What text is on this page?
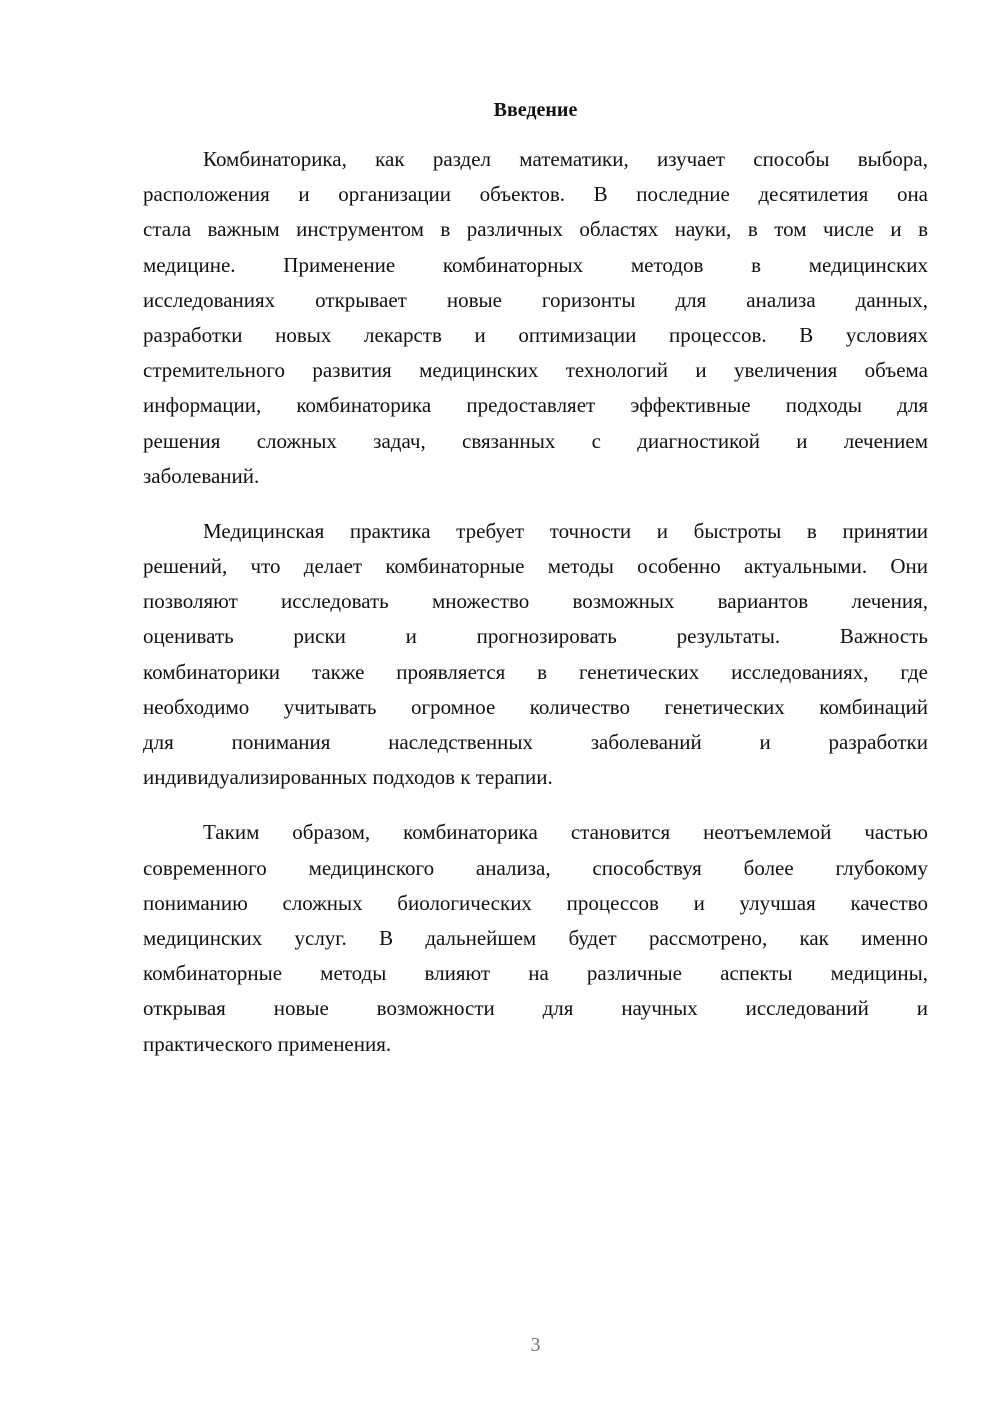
Введение
Комбинаторика, как раздел математики, изучает способы выбора,
расположения и организации объектов. В последние десятилетия она
стала важным инструментом в различных областях науки, в том числе и в
медицине. Применение комбинаторных методов в медицинских
исследованиях открывает новые горизонты для анализа данных,
разработки новых лекарств и оптимизации процессов. В условиях
стремительного развития медицинских технологий и увеличения объема
информации, комбинаторика предоставляет эффективные подходы для
решения сложных задач, связанных с диагностикой и лечением
заболеваний.
Медицинская практика требует точности и быстроты в принятии
решений, что делает комбинаторные методы особенно актуальными. Они
позволяют исследовать множество возможных вариантов лечения,
оценивать риски и прогнозировать результаты. Важность
комбинаторики также проявляется в генетических исследованиях, где
необходимо учитывать огромное количество генетических комбинаций
для понимания наследственных заболеваний и разработки
индивидуализированных подходов к терапии.
Таким образом, комбинаторика становится неотъемлемой частью
современного медицинского анализа, способствуя более глубокому
пониманию сложных биологических процессов и улучшая качество
медицинских услуг. В дальнейшем будет рассмотрено, как именно
комбинаторные методы влияют на различные аспекты медицины,
открывая новые возможности для научных исследований и
практического применения.
3
